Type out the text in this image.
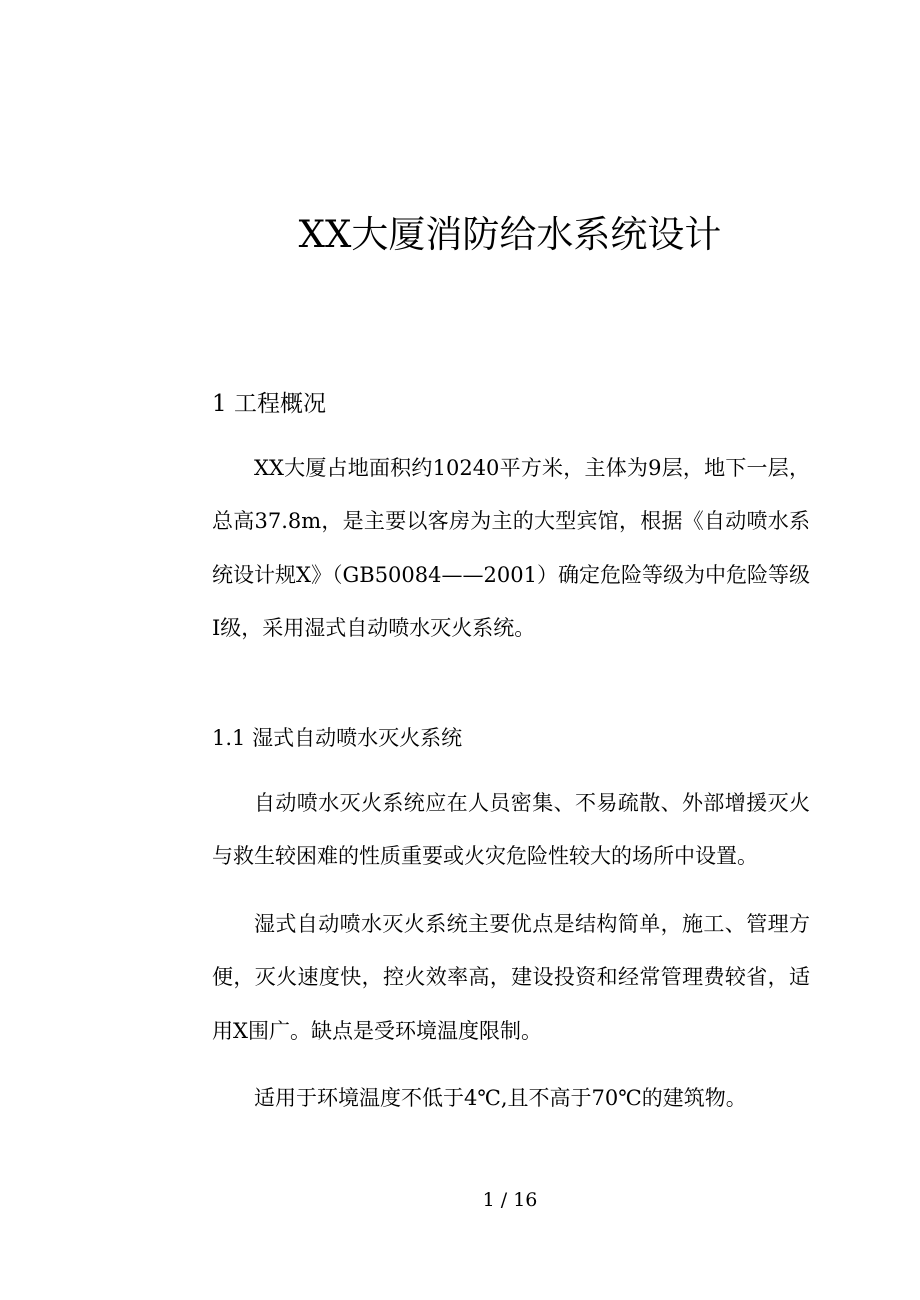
XX大厦消防给水系统设计
1 工程概况

XX大厦占地面积约10240平方米，主体为9层，地下一层，总高37.8m，是主要以客房为主的大型宾馆，根据《自动喷水系统设计规X》（GB50084——2001）确定危险等级为中危险等级Ⅰ级，采用湿式自动喷水灭火系统。

1.1 湿式自动喷水灭火系统

自动喷水灭火系统应在人员密集、不易疏散、外部增援灭火与救生较困难的性质重要或火灾危险性较大的场所中设置。

湿式自动喷水灭火系统主要优点是结构简单，施工、管理方便，灭火速度快，控火效率高，建设投资和经常管理费较省，适用X围广。缺点是受环境温度限制。

适用于环境温度不低于4℃,且不高于70℃的建筑物。

1 / 16
